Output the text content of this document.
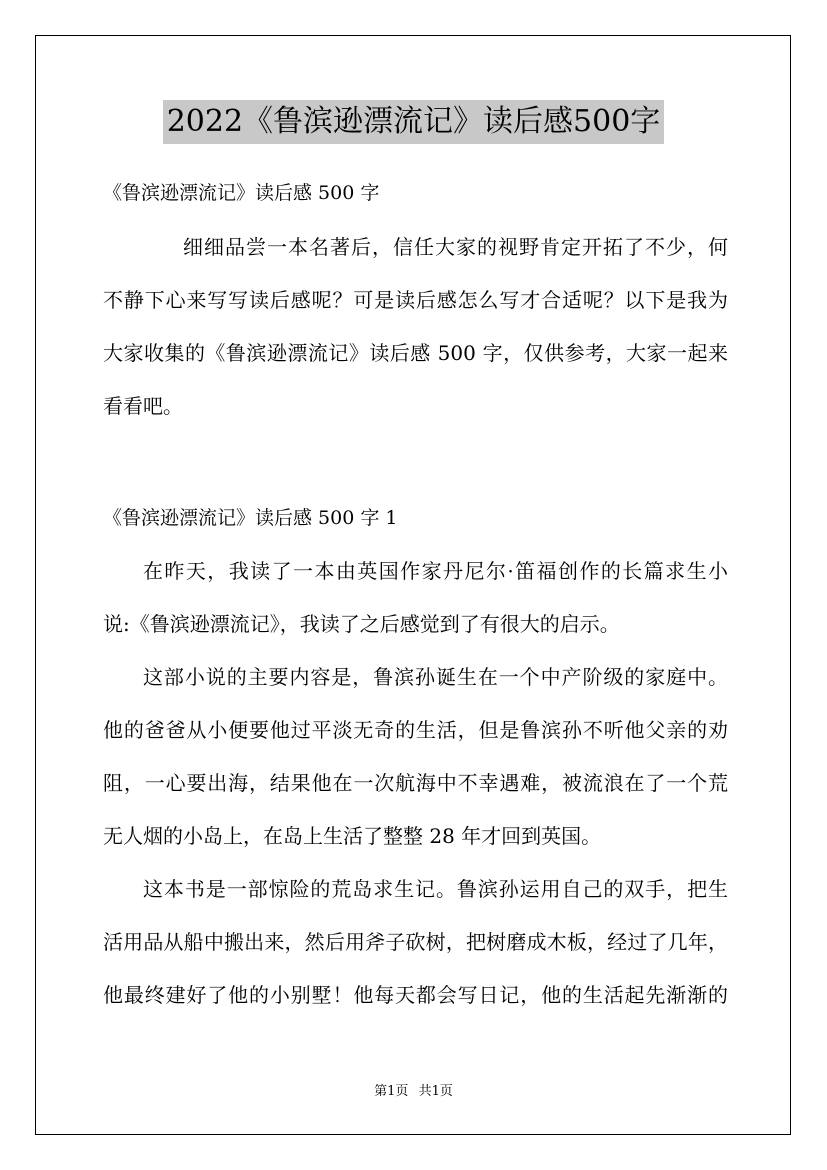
2022《鲁滨逊漂流记》读后感500字
《鲁滨逊漂流记》读后感 500 字
细细品尝一本名著后，信任大家的视野肯定开拓了不少，何
不静下心来写写读后感呢？可是读后感怎么写才合适呢？以下是我为
大家收集的《鲁滨逊漂流记》读后感 500 字，仅供参考，大家一起来
看看吧。
《鲁滨逊漂流记》读后感 500 字 1
在昨天，我读了一本由英国作家丹尼尔·笛福创作的长篇求生小
说:《鲁滨逊漂流记》，我读了之后感觉到了有很大的启示。
这部小说的主要内容是，鲁滨孙诞生在一个中产阶级的家庭中。
他的爸爸从小便要他过平淡无奇的生活，但是鲁滨孙不听他父亲的劝
阻，一心要出海，结果他在一次航海中不幸遇难，被流浪在了一个荒
无人烟的小岛上，在岛上生活了整整 28 年才回到英国。
这本书是一部惊险的荒岛求生记。鲁滨孙运用自己的双手，把生
活用品从船中搬出来，然后用斧子砍树，把树磨成木板，经过了几年，
他最终建好了他的小别墅！他每天都会写日记，他的生活起先渐渐的
第1页 共1页
